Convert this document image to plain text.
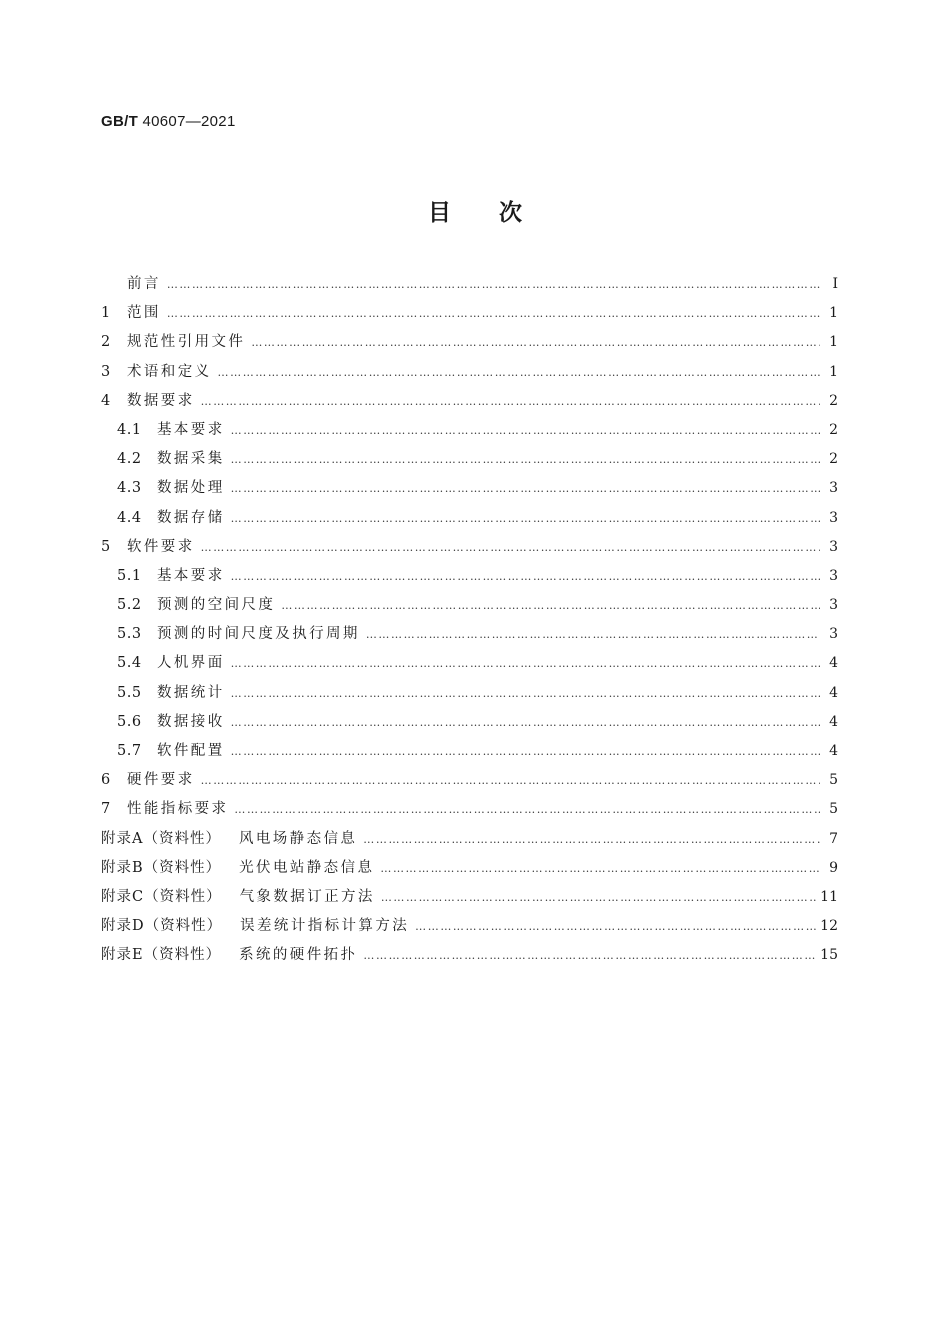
GB/T 40607—2021
目次
前言 ………………………………………………………………………………………………………………………………………………………………………………………………	Ⅰ
1	范围 ………………………………………………………………………………………………………………………………………………………………………………………………	1
2	规范性引用文件 ………………………………………………………………………………………………………………………………………………………………………………………………	1
3	术语和定义 ………………………………………………………………………………………………………………………………………………………………………………………………	1
4	数据要求 ………………………………………………………………………………………………………………………………………………………………………………………………	2
4.1	基本要求 ………………………………………………………………………………………………………………………………………………………………………………………………	2
4.2	数据采集 ………………………………………………………………………………………………………………………………………………………………………………………………	2
4.3	数据处理 ………………………………………………………………………………………………………………………………………………………………………………………………	3
4.4	数据存储 ………………………………………………………………………………………………………………………………………………………………………………………………	3
5	软件要求 ………………………………………………………………………………………………………………………………………………………………………………………………	3
5.1	基本要求 ………………………………………………………………………………………………………………………………………………………………………………………………	3
5.2	预测的空间尺度 ………………………………………………………………………………………………………………………………………………………………………………………………	3
5.3	预测的时间尺度及执行周期 ………………………………………………………………………………………………………………………………………………………………………………………………	3
5.4	人机界面 ………………………………………………………………………………………………………………………………………………………………………………………………	4
5.5	数据统计 ………………………………………………………………………………………………………………………………………………………………………………………………	4
5.6	数据接收 ………………………………………………………………………………………………………………………………………………………………………………………………	4
5.7	软件配置 ………………………………………………………………………………………………………………………………………………………………………………………………	4
6	硬件要求 ………………………………………………………………………………………………………………………………………………………………………………………………	5
7	性能指标要求 ………………………………………………………………………………………………………………………………………………………………………………………………	5
附录A（资料性）	风电场静态信息 ………………………………………………………………………………………………………………………………………………………………………………………………	7
附录B（资料性）	光伏电站静态信息 ………………………………………………………………………………………………………………………………………………………………………………………………	9
附录C（资料性）	气象数据订正方法 ………………………………………………………………………………………………………………………………………………………………………………………………	11
附录D（资料性）	误差统计指标计算方法 ………………………………………………………………………………………………………………………………………………………………………………………………	12
附录E（资料性）	系统的硬件拓扑 ………………………………………………………………………………………………………………………………………………………………………………………………	15
